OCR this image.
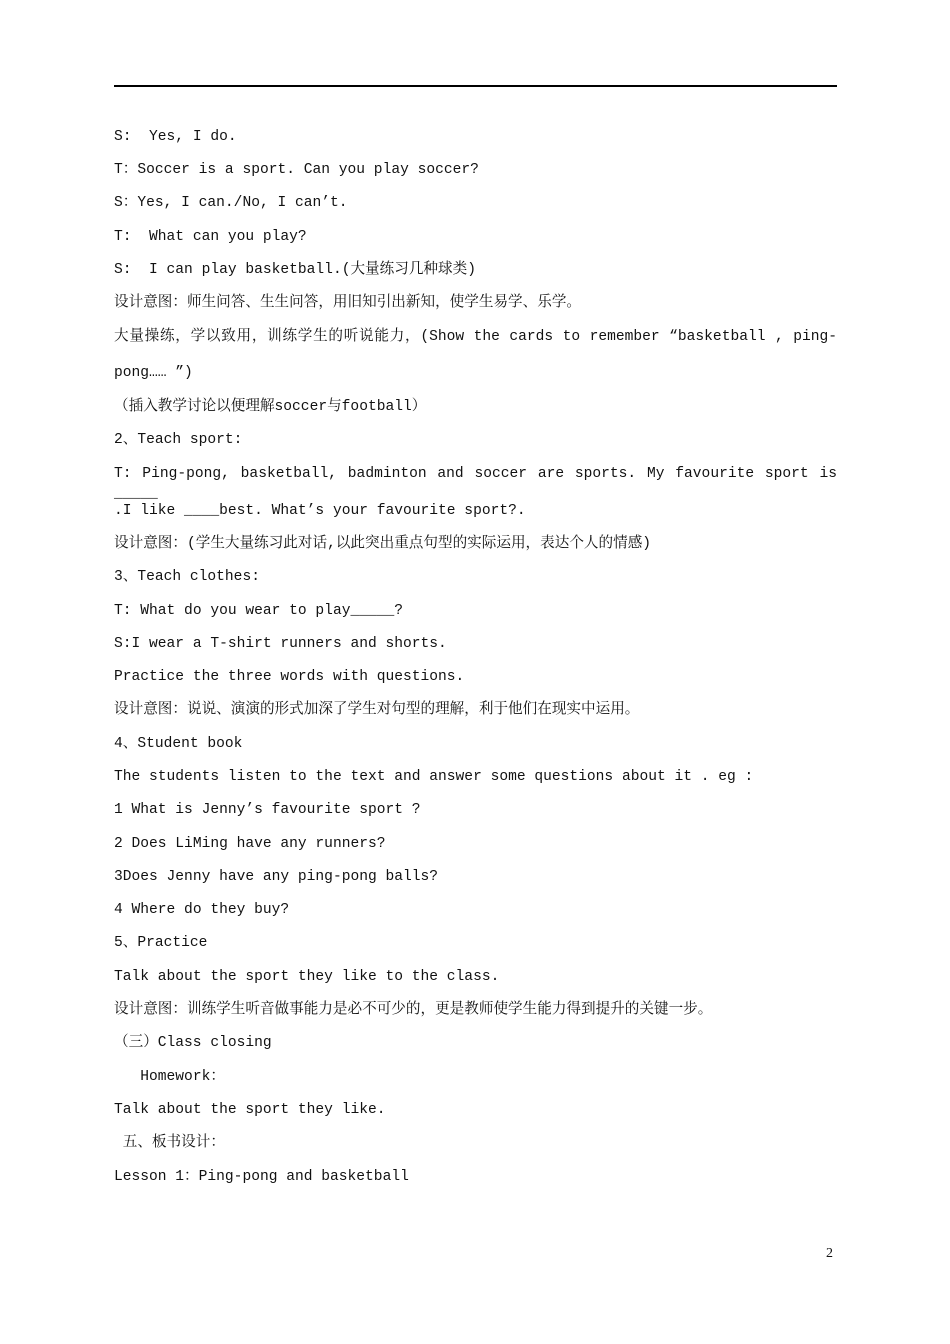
S:  Yes, I do.
T：Soccer is a sport. Can you play soccer?
S：Yes, I can./No, I can’t.
T:  What can you play?
S:  I can play basketball.(大量练习几种球类)
设计意图：师生问答、生生问答，用旧知引出新知，使学生易学、乐学。
大量操练，学以致用，训练学生的听说能力，(Show the cards to remember “basketball , ping-
pong…… ”)
（插入教学讨论以便理解soccer与football）
2、Teach sport:
T: Ping-pong, basketball, badminton and soccer are sports. My favourite sport is _____
.I like ____best. What’s your favourite sport?.
设计意图：(学生大量练习此对话,以此突出重点句型的实际运用，表达个人的情感)
3、Teach clothes:
T: What do you wear to play_____?
S:I wear a T-shirt runners and shorts.
Practice the three words with questions.
设计意图：说说、演演的形式加深了学生对句型的理解，利于他们在现实中运用。
4、Student book
The students listen to the text and answer some questions about it . eg :
1 What is Jenny’s favourite sport ?
2 Does LiMing have any runners?
3Does Jenny have any ping-pong balls?
4 Where do they buy?
5、Practice
Talk about the sport they like to the class.
设计意图：训练学生听音做事能力是必不可少的，更是教师使学生能力得到提升的关键一步。
（三）Class closing
Homework：
Talk about the sport they like.
五、板书设计：
Lesson 1：Ping-pong and basketball
2
